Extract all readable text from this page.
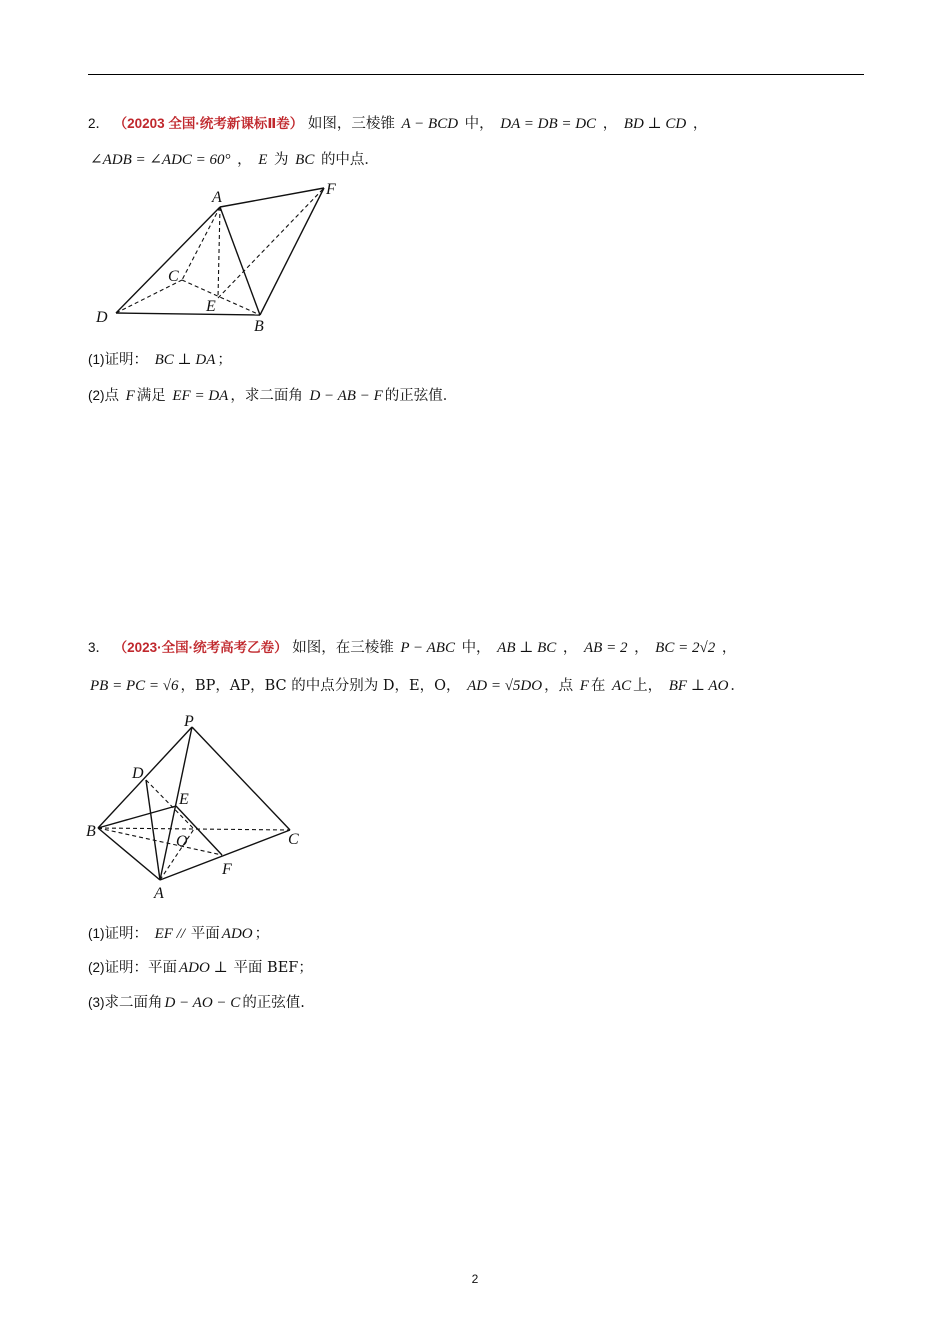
2． （20203 全国·统考新课标Ⅱ卷） 如图，三棱锥 A − BCD 中， DA = DB = DC ， BD ⊥ CD ，
∠ADB = ∠ADC = 60° ， E 为 BC 的中点．
A	F
C
E
D
B
(1)证明： BC ⊥ DA ；
(2)点 F 满足 EF = DA ，求二面角 D − AB − F 的正弦值．
3． （2023·全国·统考高考乙卷） 如图，在三棱锥 P − ABC 中， AB ⊥ BC ， AB = 2 ， BC = 2√2 ，
PB = PC = √6 ，BP，AP，BC 的中点分别为 D，E，O， AD = √5DO ，点 F 在 AC 上， BF ⊥ AO ．
P
D
E
B
O	C
F
A
(1)证明： EF // 平面 ADO ；
(2)证明：平面 ADO ⊥ 平面 BEF；
(3)求二面角 D − AO − C 的正弦值.
2
